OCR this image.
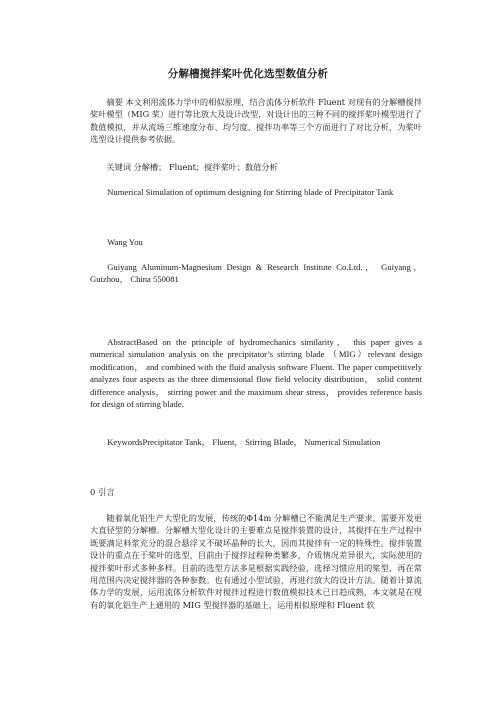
分解槽搅拌桨叶优化选型数值分析
摘要 本文利用流体力学中的相似原理，结合流体分析软件 Fluent 对现有的分解槽搅拌桨叶模型（MIG 桨）进行等比放大及设计改型，对设计出的三种不同的搅拌桨叶模型进行了数值模拟，并从流场三维速度分布、均匀度、搅拌功率等三个方面进行了对比分析，为桨叶选型设计提供参考依据。
关键词 分解槽； Fluent；搅拌桨叶；数值分析
Numerical Simulation of optimum designing for Stirring blade of Precipitator Tank
Wang You
Guiyang Aluminum-Magnesium Design & Research Institute Co.Ltd.， Guiyang，Guizhou， China 550081
AbstractBased on the principle of hydromechanics similarity， this paper gives a numerical simulation analysis on the precipitator’s stirring blade （MIG）relevant design modification， and combined with the fluid analysis software Fluent. The paper competitively analyzes four aspects as the three dimensional flow field velocity distribution， solid content difference analysis， stirring power and the maximum shear stress， provides reference basis for design of stirring blade.
KeywordsPrecipitator Tank， Fluent， Stirring Blade， Numerical Simulation
0 引言
随着氧化铝生产大型化的发展，传统的Φ14m 分解槽已不能满足生产要求，需要开发更大直径型的分解槽。分解槽大型化设计的主要难点是搅拌装置的设计，其搅拌在生产过程中既要满足料浆充分的混合悬浮又不破坏晶种的长大，因而其搅拌有一定的特殊性。搅拌装置设计的重点在于桨叶的选型，目前由于搅拌过程种类繁多，介质情况差异很大，实际使用的搅拌桨叶形式多种多样。目前的选型方法多是根据实践经验，选择习惯应用的桨型，再在常用范围内决定搅拌器的各种参数。也有通过小型试验，再进行放大的设计方法。随着计算流体力学的发展，运用流体分析软件对搅拌过程进行数值模拟技术已日趋成熟，本文就是在现有的氧化铝生产上通用的 MIG 型搅拌器的基础上，运用相似原理和 Fluent 软
